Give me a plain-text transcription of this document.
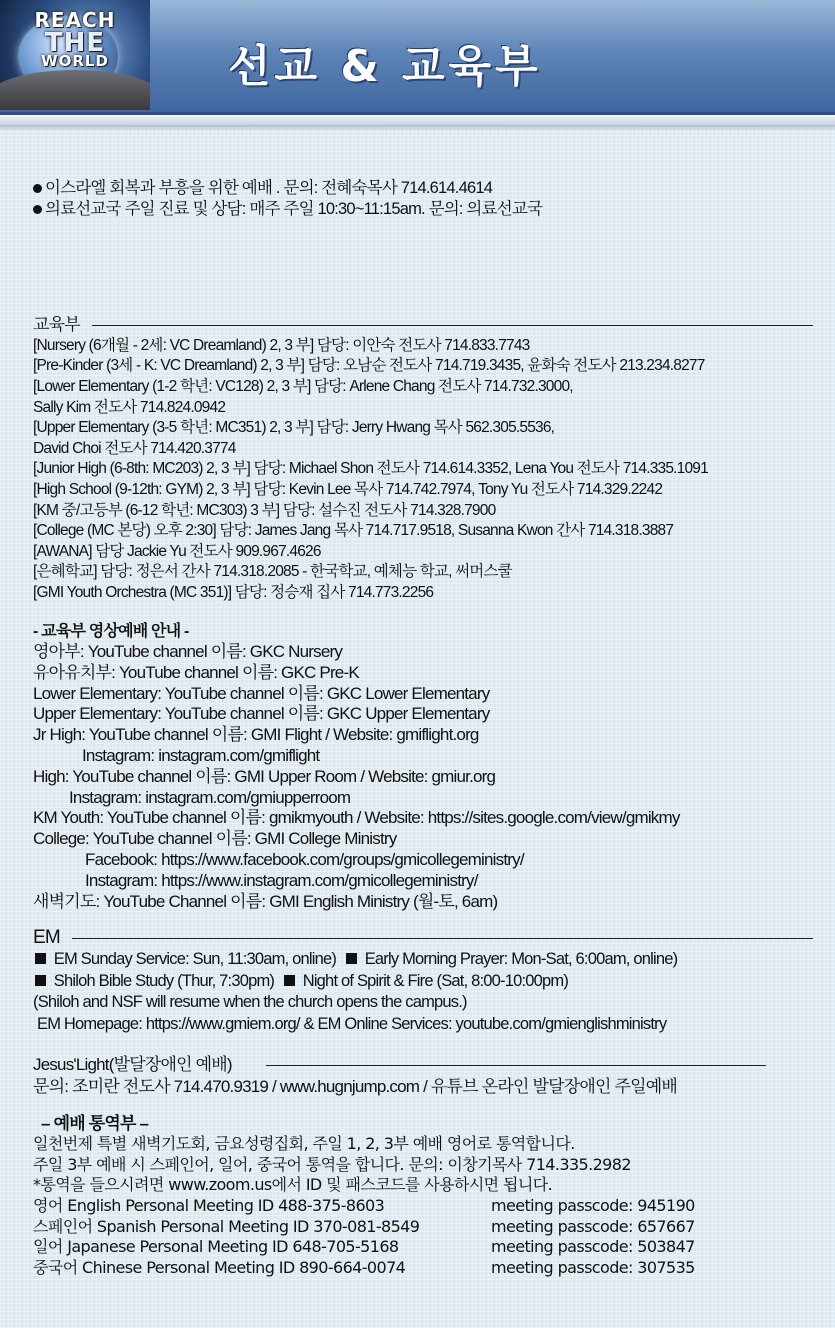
REACH
THE
WORLD	선교 & 교육부
이스라엘 회복과 부흥을 위한 예배 . 문의: 전혜숙목사 714.614.4614
의료선교국 주일 진료 및 상담: 매주 주일 10:30~11:15am. 문의: 의료선교국
교육부
[Nursery (6개월 - 2세: VC Dreamland) 2, 3 부] 담당: 이안숙 전도사 714.833.7743
[Pre-Kinder (3세 - K: VC Dreamland) 2, 3 부] 담당: 오남순 전도사 714.719.3435, 윤화숙 전도사 213.234.8277
[Lower Elementary (1-2 학년: VC128) 2, 3 부] 담당: Arlene Chang 전도사 714.732.3000,
Sally Kim 전도사 714.824.0942
[Upper Elementary (3-5 학년: MC351) 2, 3 부] 담당: Jerry Hwang 목사 562.305.5536,
David Choi 전도사 714.420.3774
[Junior High (6-8th: MC203) 2, 3 부] 담당: Michael Shon 전도사 714.614.3352, Lena You 전도사 714.335.1091
[High School (9-12th: GYM) 2, 3 부] 담당: Kevin Lee 목사 714.742.7974, Tony Yu 전도사 714.329.2242
[KM 중/고등부 (6-12 학년: MC303) 3 부] 담당: 설수진 전도사 714.328.7900
[College (MC 본당) 오후 2:30] 담당: James Jang 목사 714.717.9518, Susanna Kwon 간사 714.318.3887
[AWANA] 담당 Jackie Yu 전도사 909.967.4626
[은혜학교] 담당: 정은서 간사 714.318.2085 - 한국학교, 예체능 학교, 써머스쿨
[GMI Youth Orchestra (MC 351)] 담당: 정승재 집사 714.773.2256
- 교육부 영상예배 안내 -
영아부: YouTube channel 이름: GKC Nursery
유아유치부: YouTube channel 이름: GKC Pre-K
Lower Elementary: YouTube channel 이름: GKC Lower Elementary
Upper Elementary: YouTube channel 이름: GKC Upper Elementary
Jr High: YouTube channel 이름: GMI Flight / Website: gmiflight.org
Instagram: instagram.com/gmiflight
High: YouTube channel 이름: GMI Upper Room / Website: gmiur.org
Instagram: instagram.com/gmiupperroom
KM Youth: YouTube channel 이름: gmikmyouth / Website: https://sites.google.com/view/gmikmy
College: YouTube channel 이름: GMI College Ministry
Facebook: https://www.facebook.com/groups/gmicollegeministry/
Instagram: https://www.instagram.com/gmicollegeministry/
새벽기도: YouTube Channel 이름: GMI English Ministry (월-토, 6am)
EM
EM Sunday Service: Sun, 11:30am, online) Early Morning Prayer: Mon-Sat, 6:00am, online)
Shiloh Bible Study (Thur, 7:30pm) Night of Spirit & Fire (Sat, 8:00-10:00pm)
(Shiloh and NSF will resume when the church opens the campus.)
EM Homepage: https://www.gmiem.org/ & EM Online Services: youtube.com/gmienglishministry
Jesus'Light(발달장애인 예배)
문의: 조미란 전도사 714.470.9319 / www.hugnjump.com / 유튜브 온라인 발달장애인 주일예배
– 예배 통역부 –
일천번제 특별 새벽기도회, 금요성령집회, 주일 1, 2, 3부 예배 영어로 통역합니다.
주일 3부 예배 시 스페인어, 일어, 중국어 통역을 합니다. 문의: 이창기목사 714.335.2982
*통역을 들으시려면 www.zoom.us에서 ID 및 패스코드를 사용하시면 됩니다.
영어 English Personal Meeting ID 488-375-8603	meeting passcode: 945190
스페인어 Spanish Personal Meeting ID 370-081-8549	meeting passcode: 657667
일어 Japanese Personal Meeting ID 648-705-5168	meeting passcode: 503847
중국어 Chinese Personal Meeting ID 890-664-0074	meeting passcode: 307535
